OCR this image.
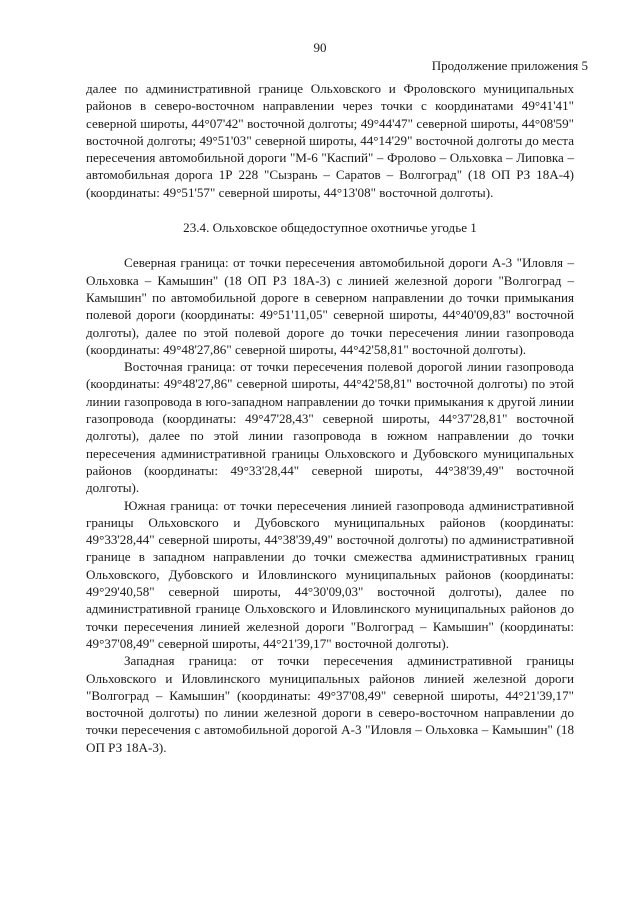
90
Продолжение приложения 5

далее по административной границе Ольховского и Фроловского муниципальных районов в северо-восточном направлении через точки с координатами 49°41'41" северной широты, 44°07'42" восточной долготы; 49°44'47" северной широты, 44°08'59" восточной долготы; 49°51'03" северной широты, 44°14'29" восточной долготы до места пересечения автомобильной дороги "М-6 "Каспий" – Фролово – Ольховка – Липовка – автомобильная дорога 1Р 228 "Сызрань – Саратов – Волгоград" (18 ОП РЗ 18А-4) (координаты: 49°51'57" северной широты, 44°13'08" восточной долготы).

23.4. Ольховское общедоступное охотничье угодье 1

Северная граница: от точки пересечения автомобильной дороги А-3 "Иловля – Ольховка – Камышин" (18 ОП РЗ 18А-3) с линией железной дороги "Волгоград – Камышин" по автомобильной дороге в северном направлении до точки примыкания полевой дороги (координаты: 49°51'11,05" северной широты, 44°40'09,83" восточной долготы), далее по этой полевой дороге до точки пересечения линии газопровода (координаты: 49°48'27,86" северной широты, 44°42'58,81" восточной долготы).

Восточная граница: от точки пересечения полевой дорогой линии газопровода (координаты: 49°48'27,86" северной широты, 44°42'58,81" восточной долготы) по этой линии газопровода в юго-западном направлении до точки примыкания к другой линии газопровода (координаты: 49°47'28,43" северной широты, 44°37'28,81" восточной долготы), далее по этой линии газопровода в южном направлении до точки пересечения административной границы Ольховского и Дубовского муниципальных районов (координаты: 49°33'28,44" северной широты, 44°38'39,49" восточной долготы).

Южная граница: от точки пересечения линией газопровода административной границы Ольховского и Дубовского муниципальных районов (координаты: 49°33'28,44" северной широты, 44°38'39,49" восточной долготы) по административной границе в западном направлении до точки смежества административных границ Ольховского, Дубовского и Иловлинского муниципальных районов (координаты: 49°29'40,58" северной широты, 44°30'09,03" восточной долготы), далее по административной границе Ольховского и Иловлинского муниципальных районов до точки пересечения линией железной дороги "Волгоград – Камышин" (координаты: 49°37'08,49" северной широты, 44°21'39,17" восточной долготы).

Западная граница: от точки пересечения административной границы Ольховского и Иловлинского муниципальных районов линией железной дороги "Волгоград – Камышин" (координаты: 49°37'08,49" северной широты, 44°21'39,17" восточной долготы) по линии железной дороги в северо-восточном направлении до точки пересечения с автомобильной дорогой А-3 "Иловля – Ольховка – Камышин" (18 ОП РЗ 18А-3).
